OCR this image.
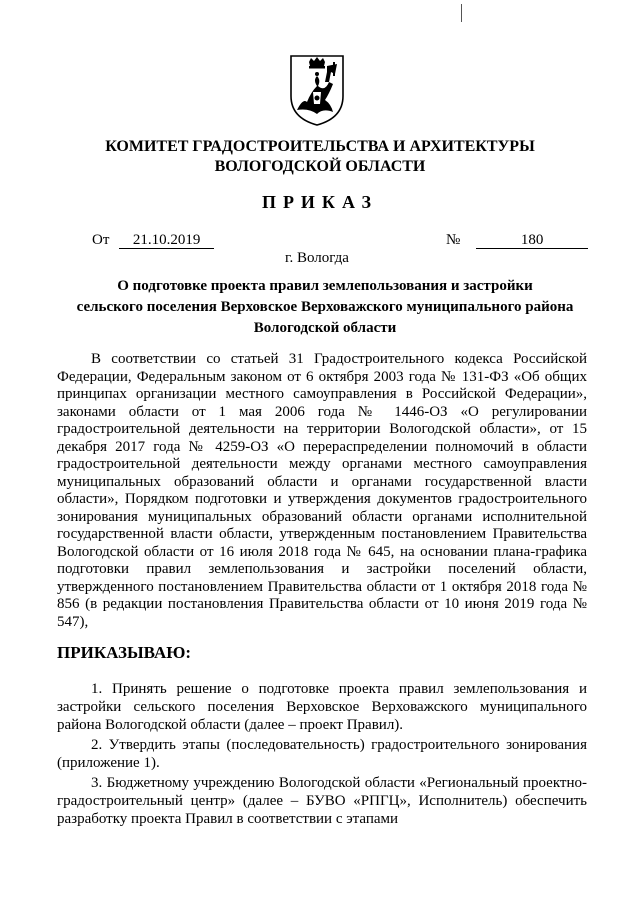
КОМИТЕТ ГРАДОСТРОИТЕЛЬСТВА И АРХИТЕКТУРЫ
ВОЛОГОДСКОЙ ОБЛАСТИ
ПРИКАЗ
От 21.10.2019	№	180
г. Вологда
О подготовке проекта правил землепользования и застройки
сельского поселения Верховское Верховажского муниципального района
Вологодской области
В соответствии со статьей 31 Градостроительного кодекса Российской Федерации, Федеральным законом от 6 октября 2003 года № 131-ФЗ «Об общих принципах организации местного самоуправления в Российской Федерации», законами области от 1 мая 2006 года № 1446-ОЗ «О регулировании градостроительной деятельности на территории Вологодской области», от 15 декабря 2017 года № 4259-ОЗ «О перераспределении полномочий в области градостроительной деятельности между органами местного самоуправления муниципальных образований области и органами государственной власти области», Порядком подготовки и утверждения документов градостроительного зонирования муниципальных образований области органами исполнительной государственной власти области, утвержденным постановлением Правительства Вологодской области от 16 июля 2018 года № 645, на основании плана-графика подготовки правил землепользования и застройки поселений области, утвержденного постановлением Правительства области от 1 октября 2018 года № 856 (в редакции постановления Правительства области от 10 июня 2019 года № 547),
ПРИКАЗЫВАЮ:
1. Принять решение о подготовке проекта правил землепользования и застройки сельского поселения Верховское Верховажского муниципального района Вологодской области (далее – проект Правил).
2. Утвердить этапы (последовательность) градостроительного зонирования (приложение 1).
3. Бюджетному учреждению Вологодской области «Региональный проектно-градостроительный центр» (далее – БУВО «РПГЦ», Исполнитель) обеспечить разработку проекта Правил в соответствии с этапами
